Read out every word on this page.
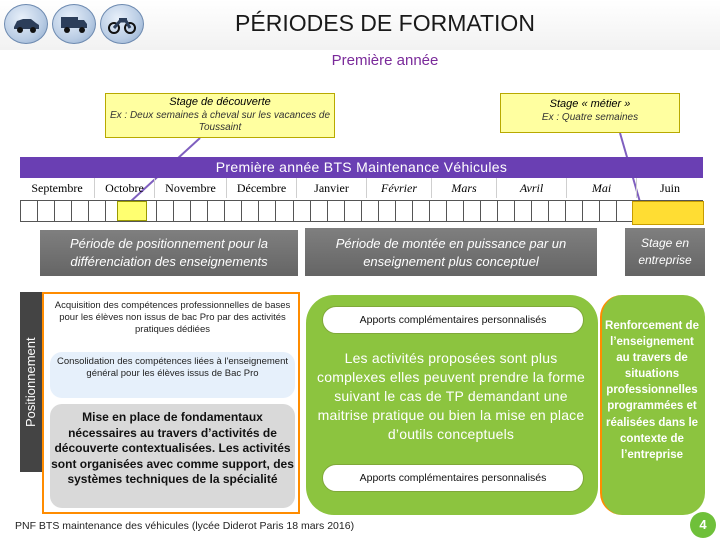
PÉRIODES DE FORMATION
Première année
Stage de découverte
Ex : Deux semaines à cheval sur les vacances de Toussaint
Stage « métier »
Ex : Quatre semaines
Première année BTS Maintenance Véhicules
Septembre	Octobre	Novembre	Décembre	Janvier	Février	Mars	Avril	Mai	Juin
Période de positionnement pour la différenciation des enseignements
Période de montée en puissance par un enseignement plus conceptuel
Stage en entreprise
Positionnement
Acquisition des compétences professionnelles de bases pour les élèves non issus de bac Pro par des activités pratiques dédiées
Consolidation des compétences liées à l'enseignement général pour les élèves issus de Bac Pro
Mise en place de fondamentaux nécessaires au travers d’activités de découverte contextualisées. Les activités sont organisées avec comme support, des systèmes techniques de la spécialité
Apports complémentaires personnalisés
Les activités proposées sont plus complexes elles peuvent prendre la forme suivant le cas de TP demandant une maitrise pratique ou bien la mise en place d’outils conceptuels
Apports complémentaires personnalisés
Renforcement de l’enseignement au travers de situations professionnelles programmées et réalisées dans le contexte de l’entreprise
PNF BTS maintenance des véhicules (lycée Diderot Paris 18 mars 2016)	4
